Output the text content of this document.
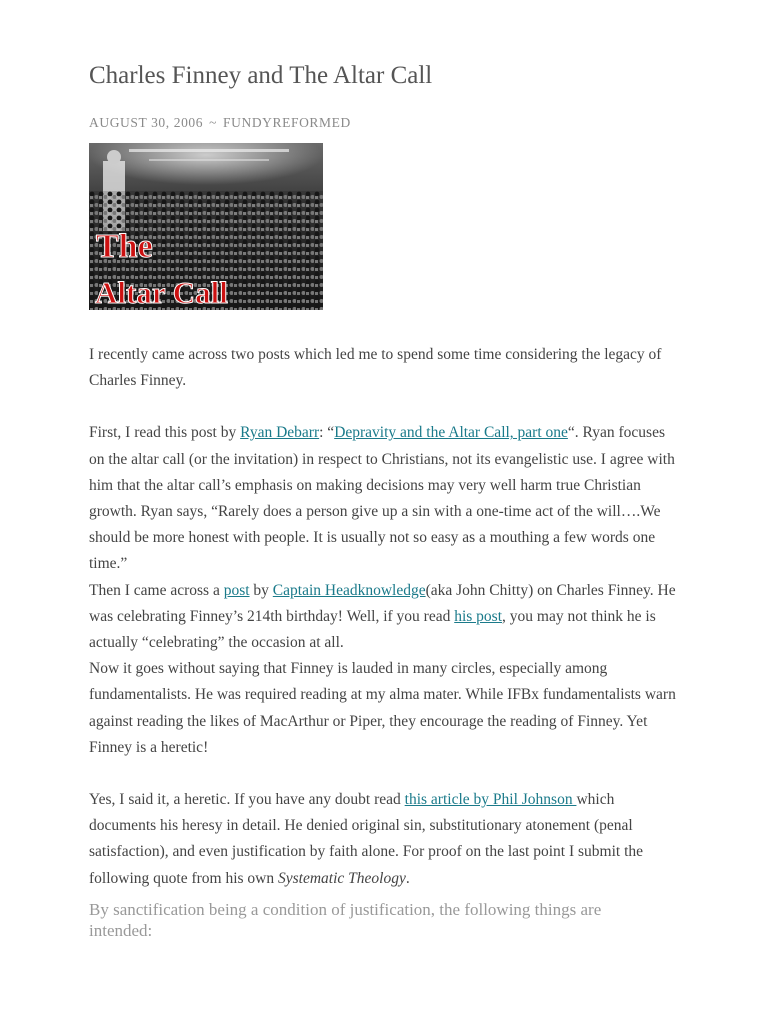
Charles Finney and The Altar Call
AUGUST 30, 2006 ~ FUNDYREFORMED
The
Altar Call

I recently came across two posts which led me to spend some time considering the legacy of Charles Finney.

First, I read this post by Ryan Debarr: “Depravity and the Altar Call, part one“. Ryan focuses on the altar call (or the invitation) in respect to Christians, not its evangelistic use. I agree with him that the altar call’s emphasis on making decisions may very well harm true Christian growth. Ryan says, “Rarely does a person give up a sin with a one-time act of the will….We should be more honest with people. It is usually not so easy as a mouthing a few words one time.”

Then I came across a post by Captain Headknowledge(aka John Chitty) on Charles Finney. He was celebrating Finney’s 214th birthday! Well, if you read his post, you may not think he is actually “celebrating” the occasion at all.

Now it goes without saying that Finney is lauded in many circles, especially among fundamentalists. He was required reading at my alma mater. While IFBx fundamentalists warn against reading the likes of MacArthur or Piper, they encourage the reading of Finney. Yet Finney is a heretic!

Yes, I said it, a heretic. If you have any doubt read this article by Phil Johnson which documents his heresy in detail. He denied original sin, substitutionary atonement (penal satisfaction), and even justification by faith alone. For proof on the last point I submit the following quote from his own Systematic Theology.

By sanctification being a condition of justification, the following things are intended:
